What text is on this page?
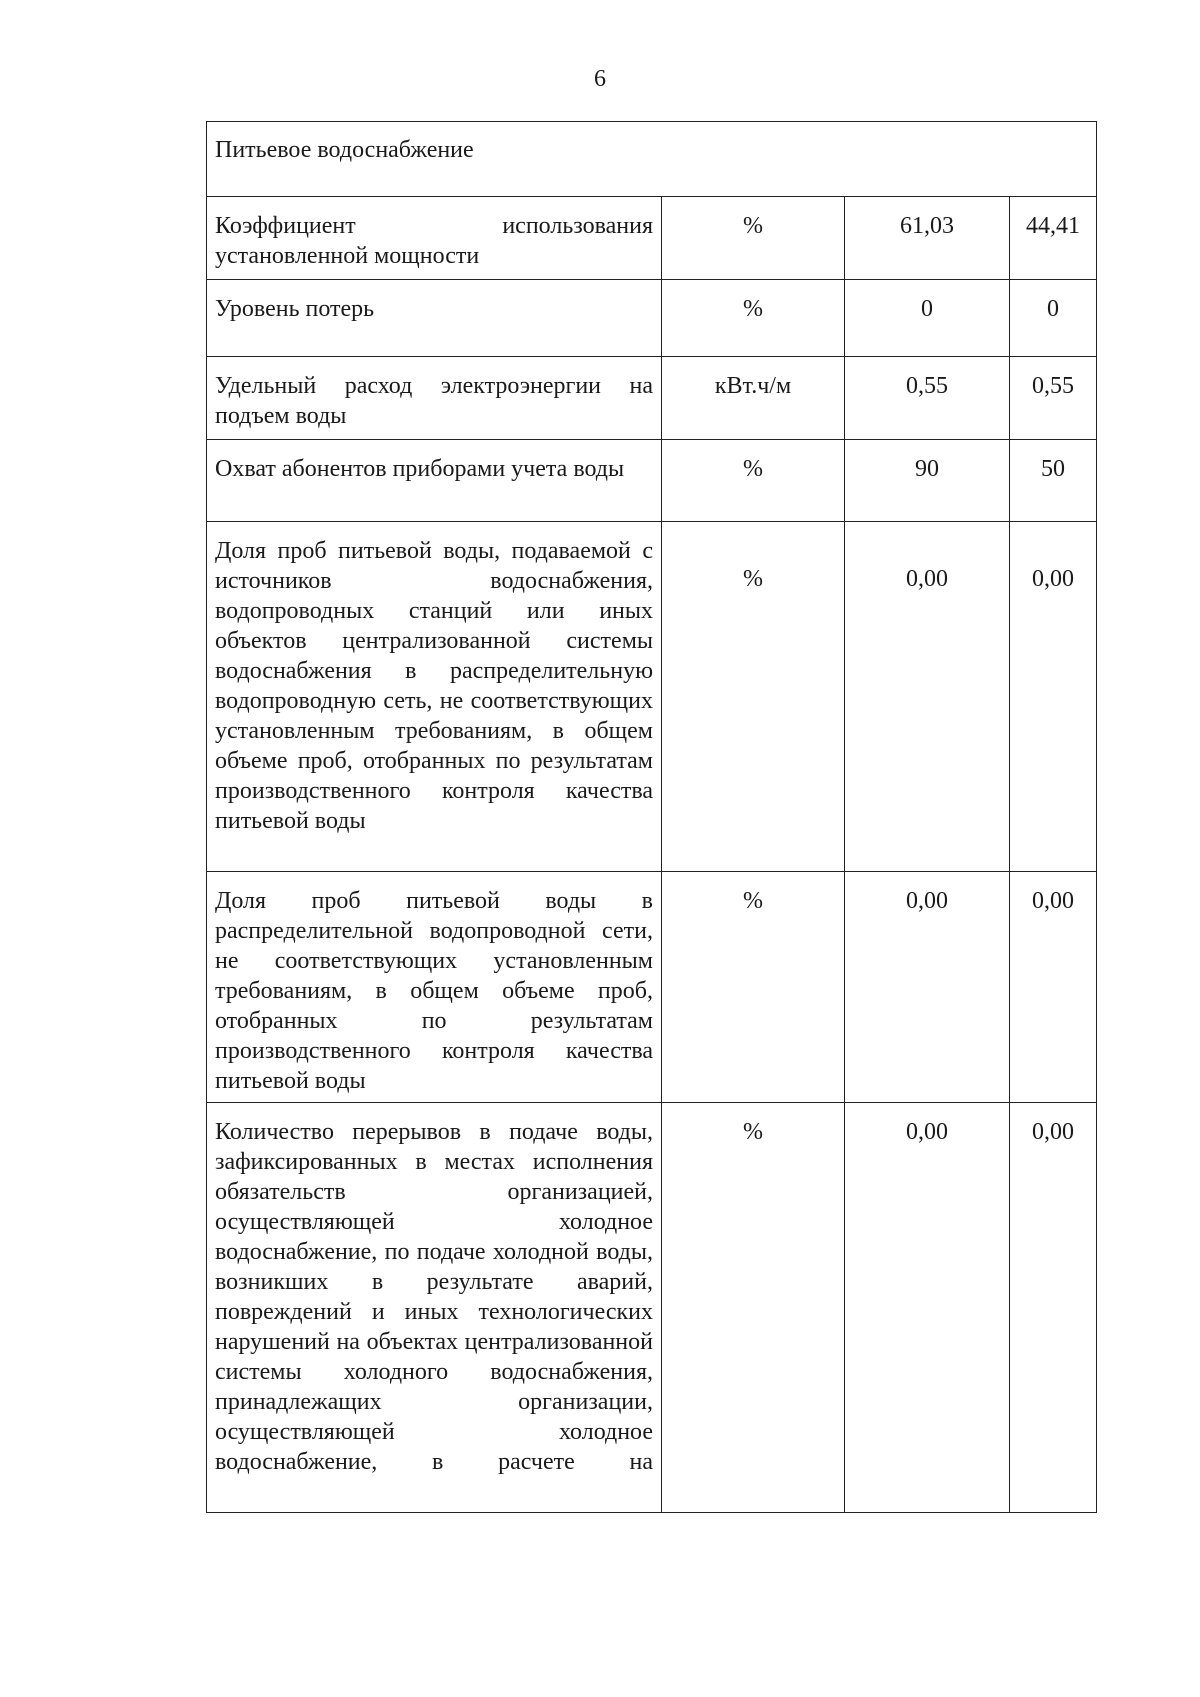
6
Питьевое водоснабжение			
Коэффициент использования установленной мощности	%	61,03	44,41
Уровень потерь	%	0	0
Удельный расход электроэнергии на подъем воды	кВт.ч/м	0,55	0,55
Охват абонентов приборами учета воды	%	90	50
Доля проб питьевой воды, подаваемой с источников водоснабжения, водопроводных станций или иных объектов централизованной системы водоснабжения в распределительную водопроводную сеть, не соответствующих установленным требованиям, в общем объеме проб, отобранных по результатам производственного контроля качества питьевой воды	%	0,00	0,00
Доля проб питьевой воды в распределительной водопроводной сети, не соответствующих установленным требованиям, в общем объеме проб, отобранных по результатам производственного контроля качества питьевой воды	%	0,00	0,00
Количество перерывов в подаче воды, зафиксированных в местах исполнения обязательств организацией, осуществляющей холодное водоснабжение, по подаче холодной воды, возникших в результате аварий, повреждений и иных технологических нарушений на объектах централизованной системы холодного водоснабжения, принадлежащих организации, осуществляющей холодное водоснабжение, в расчете на	%	0,00	0,00
